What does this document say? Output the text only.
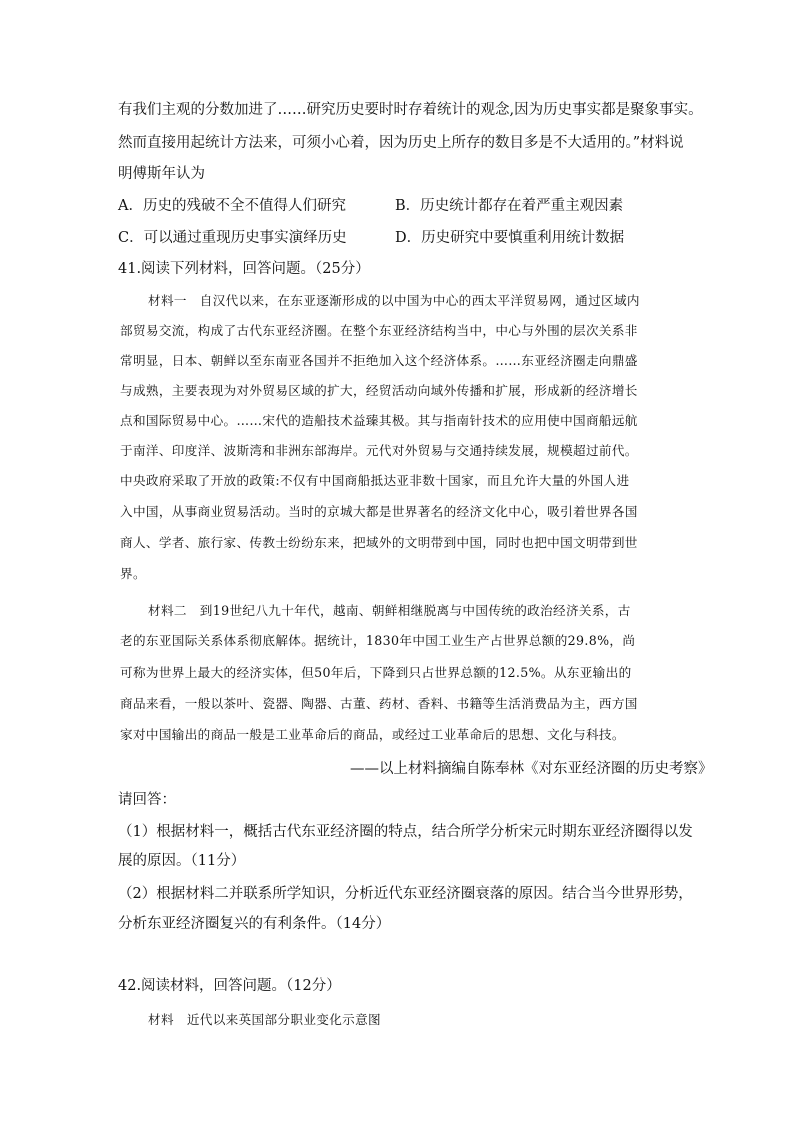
有我们主观的分数加进了……研究历史要时时存着统计的观念,因为历史事实都是聚象事实。
然而直接用起统计方法来，可须小心着，因为历史上所存的数目多是不大适用的。”材料说
明傅斯年认为
A．历史的残破不全不值得人们研究	B．历史统计都存在着严重主观因素
C．可以通过重现历史事实演绎历史	D．历史研究中要慎重利用统计数据
41.阅读下列材料，回答问题。（25分）
材料一　自汉代以来，在东亚逐渐形成的以中国为中心的西太平洋贸易网，通过区域内
部贸易交流，构成了古代东亚经济圈。在整个东亚经济结构当中，中心与外围的层次关系非
常明显，日本、朝鲜以至东南亚各国并不拒绝加入这个经济体系。……东亚经济圈走向鼎盛
与成熟，主要表现为对外贸易区域的扩大，经贸活动向域外传播和扩展，形成新的经济增长
点和国际贸易中心。……宋代的造船技术益臻其极。其与指南针技术的应用使中国商船远航
于南洋、印度洋、波斯湾和非洲东部海岸。元代对外贸易与交通持续发展，规模超过前代。
中央政府采取了开放的政策:不仅有中国商船抵达亚非数十国家，而且允许大量的外国人进
入中国，从事商业贸易活动。当时的京城大都是世界著名的经济文化中心，吸引着世界各国
商人、学者、旅行家、传教士纷纷东来，把域外的文明带到中国，同时也把中国文明带到世
界。
材料二　到19世纪八九十年代，越南、朝鲜相继脱离与中国传统的政治经济关系，古
老的东亚国际关系体系彻底解体。据统计，1830年中国工业生产占世界总额的29.8%，尚
可称为世界上最大的经济实体，但50年后，下降到只占世界总额的12.5%。从东亚输出的
商品来看，一般以茶叶、瓷器、陶器、古董、药材、香料、书籍等生活消费品为主，西方国
家对中国输出的商品一般是工业革命后的商品，或经过工业革命后的思想、文化与科技。
——以上材料摘编自陈奉林《对东亚经济圈的历史考察》
请回答：
（1）根据材料一，概括古代东亚经济圈的特点，结合所学分析宋元时期东亚经济圈得以发
展的原因。（11分）
（2）根据材料二并联系所学知识，分析近代东亚经济圈衰落的原因。结合当今世界形势，
分析东亚经济圈复兴的有利条件。（14分）
42.阅读材料，回答问题。（12分）
材料　近代以来英国部分职业变化示意图
